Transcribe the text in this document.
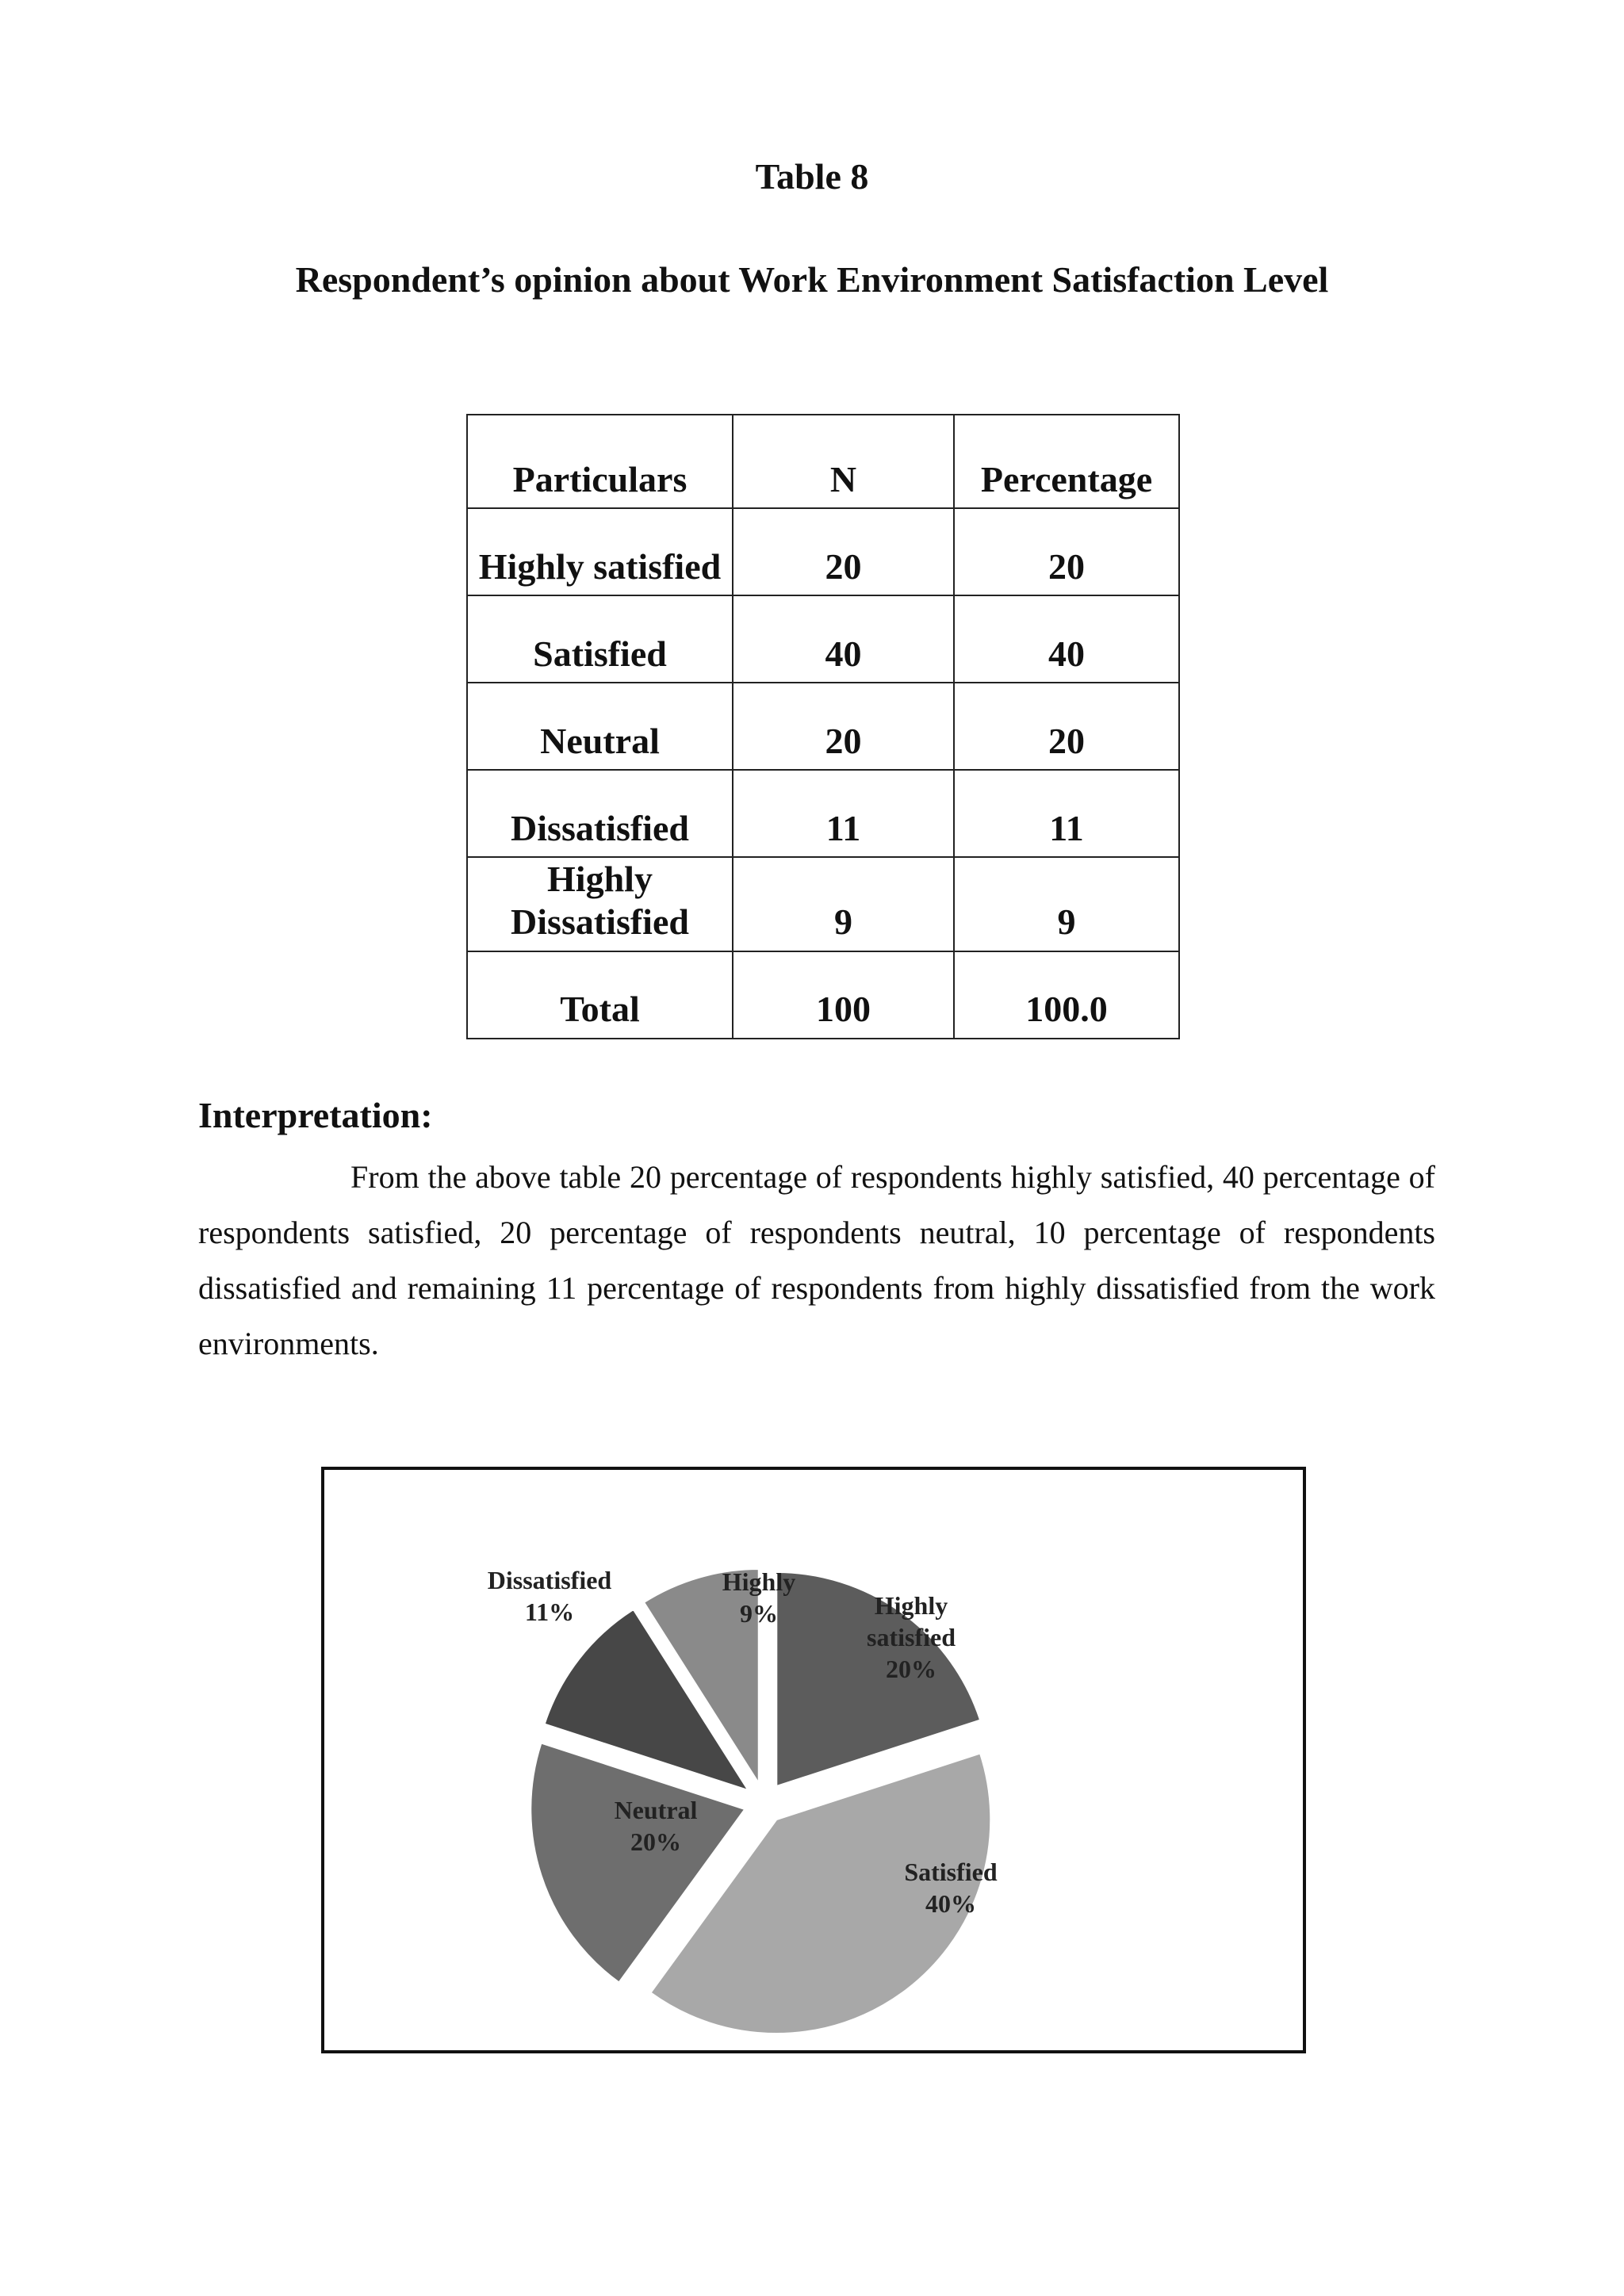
Table 8
Respondent’s opinion about Work Environment Satisfaction Level
Particulars	N	Percentage
Highly satisfied	20	20
Satisfied	40	40
Neutral	20	20
Dissatisfied	11	11
Highly Dissatisfied	9	9
Total	100	100.0
Interpretation:

From the above table 20 percentage of respondents highly satisfied, 40 percentage of respondents satisfied, 20 percentage of respondents neutral, 10 percentage of respondents dissatisfied and remaining 11 percentage of respondents from highly dissatisfied from the work environments.

Highly satisfied 20%
Satisfied 40%
Neutral 20%
Dissatisfied 11%
Highly 9%
